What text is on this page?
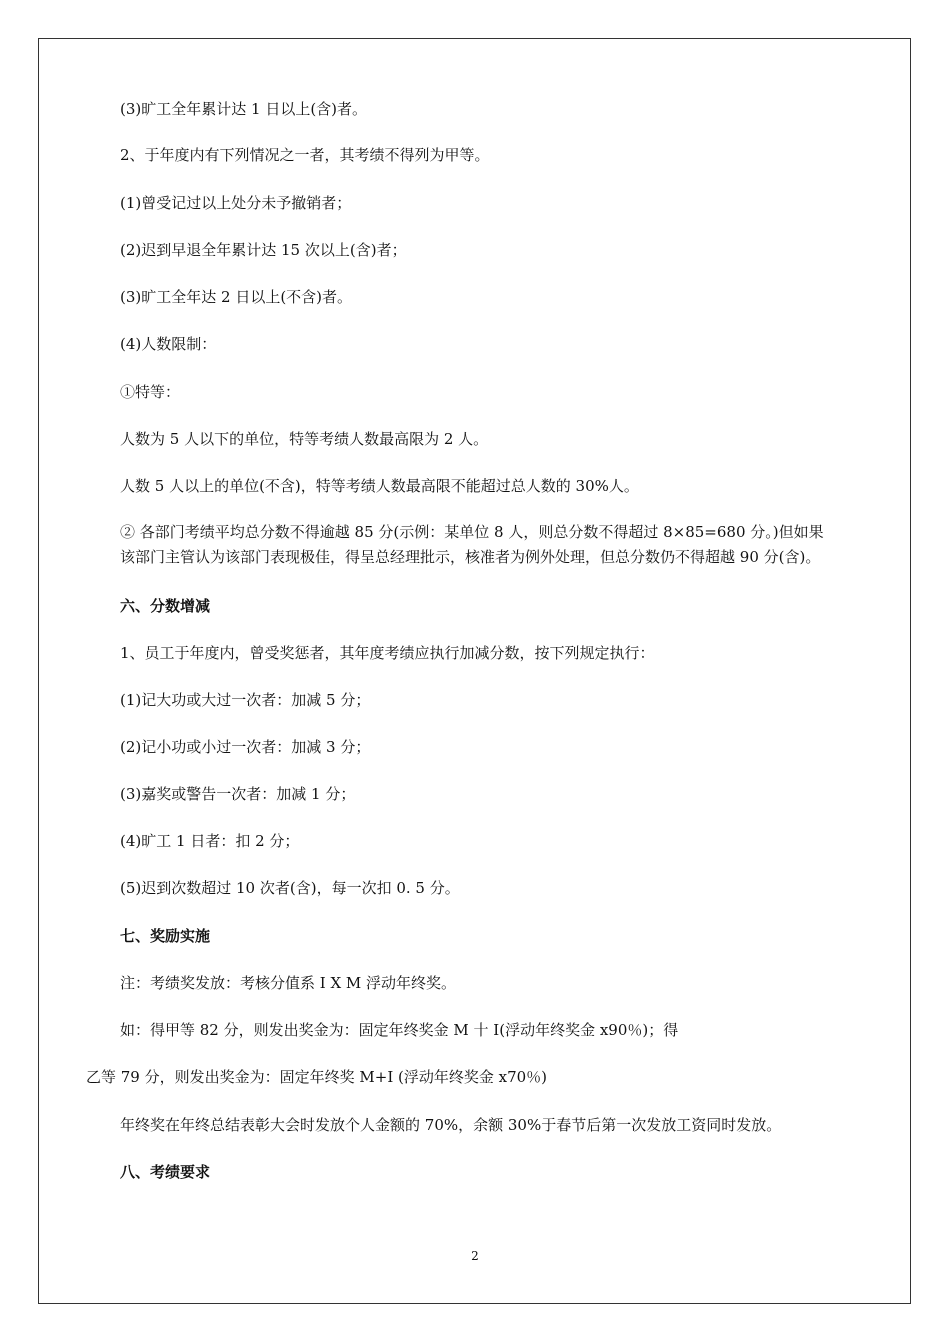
(3)旷工全年累计达 1 日以上(含)者。
2、于年度内有下列情况之一者，其考绩不得列为甲等。
(1)曾受记过以上处分未予撤销者；
(2)迟到早退全年累计达 15 次以上(含)者；
(3)旷工全年达 2 日以上(不含)者。
(4)人数限制：
①特等：
人数为 5 人以下的单位，特等考绩人数最高限为 2 人。
人数 5 人以上的单位(不含)，特等考绩人数最高限不能超过总人数的 30%人。
② 各部门考绩平均总分数不得逾越 85 分(示例：某单位 8 人，则总分数不得超过 8×85=680 分。)但如果
该部门主管认为该部门表现极佳，得呈总经理批示，核准者为例外处理，但总分数仍不得超越 90 分(含)。
六、分数增减
1、员工于年度内，曾受奖惩者，其年度考绩应执行加减分数，按下列规定执行：
(1)记大功或大过一次者：加减 5 分；
(2)记小功或小过一次者：加减 3 分；
(3)嘉奖或警告一次者：加减 1 分；
(4)旷工 1 日者：扣 2 分；
(5)迟到次数超过 10 次者(含)，每一次扣 0. 5 分。
七、奖励实施
注：考绩奖发放：考核分值系 I X M 浮动年终奖。
如：得甲等 82 分，则发出奖金为：固定年终奖金 M 十 I(浮动年终奖金 x90％)；得
乙等 79 分，则发出奖金为：固定年终奖 M+I (浮动年终奖金 x70％)
年终奖在年终总结表彰大会时发放个人金额的 70%，余额 30%于春节后第一次发放工资同时发放。
八、考绩要求
2
